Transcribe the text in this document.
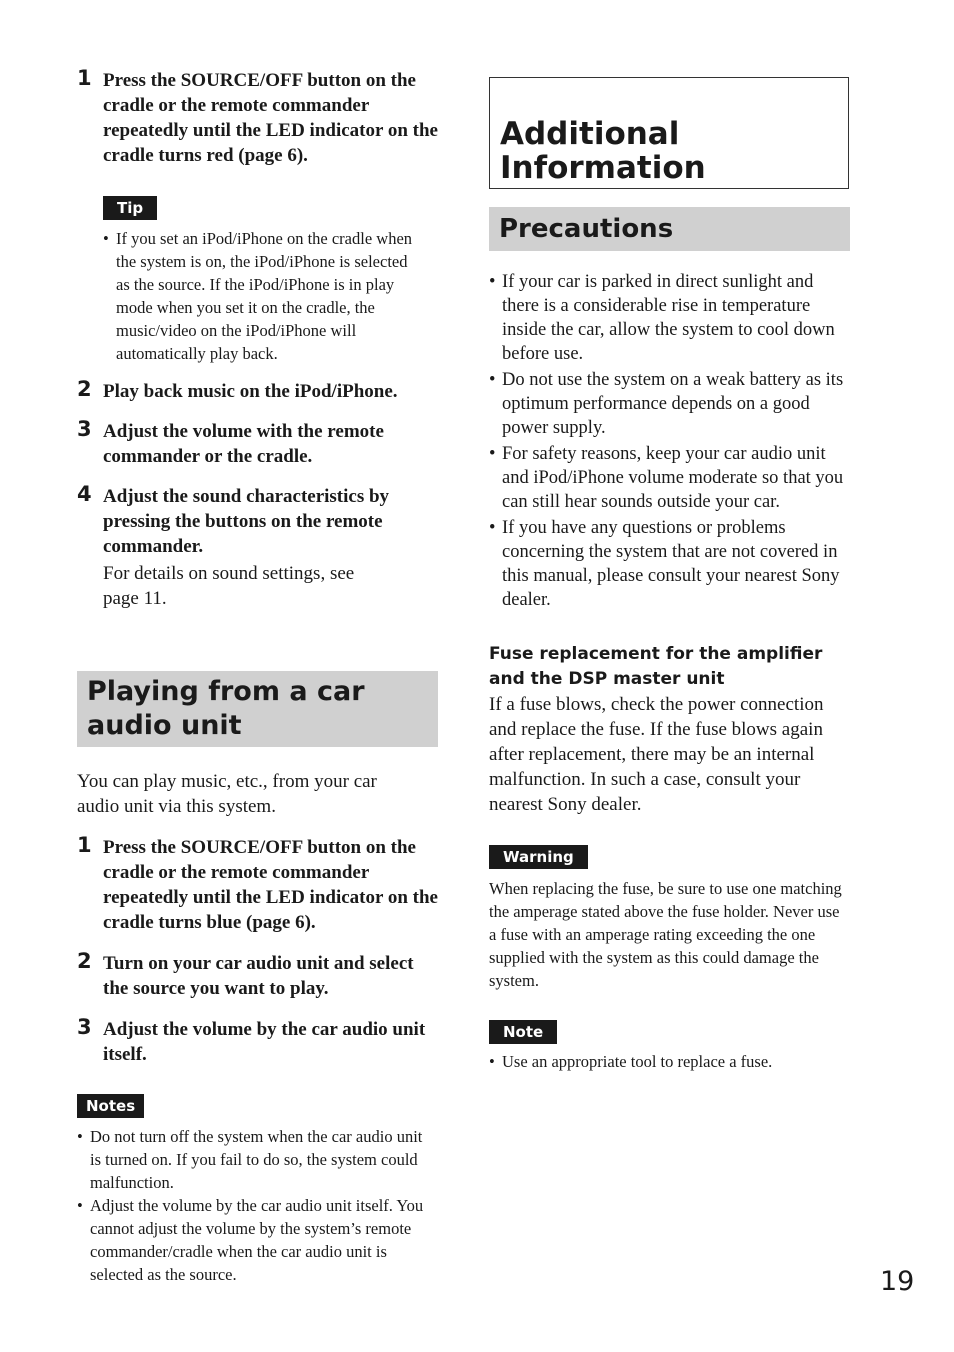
1 Press the SOURCE/OFF button on the cradle or the remote commander repeatedly until the LED indicator on the cradle turns red (page 6).
Tip
• If you set an iPod/iPhone on the cradle when the system is on, the iPod/iPhone is selected as the source. If the iPod/iPhone is in play mode when you set it on the cradle, the music/video on the iPod/iPhone will automatically play back.
2 Play back music on the iPod/iPhone.
3 Adjust the volume with the remote commander or the cradle.
4 Adjust the sound characteristics by pressing the buttons on the remote commander.
For details on sound settings, see page 11.
Playing from a car audio unit
You can play music, etc., from your car audio unit via this system.
1 Press the SOURCE/OFF button on the cradle or the remote commander repeatedly until the LED indicator on the cradle turns blue (page 6).
2 Turn on your car audio unit and select the source you want to play.
3 Adjust the volume by the car audio unit itself.
Notes
• Do not turn off the system when the car audio unit is turned on. If you fail to do so, the system could malfunction.
• Adjust the volume by the car audio unit itself. You cannot adjust the volume by the system’s remote commander/cradle when the car audio unit is selected as the source.
Additional Information
Precautions
• If your car is parked in direct sunlight and there is a considerable rise in temperature inside the car, allow the system to cool down before use.
• Do not use the system on a weak battery as its optimum performance depends on a good power supply.
• For safety reasons, keep your car audio unit and iPod/iPhone volume moderate so that you can still hear sounds outside your car.
• If you have any questions or problems concerning the system that are not covered in this manual, please consult your nearest Sony dealer.
Fuse replacement for the amplifier and the DSP master unit
If a fuse blows, check the power connection and replace the fuse. If the fuse blows again after replacement, there may be an internal malfunction. In such a case, consult your nearest Sony dealer.
Warning
When replacing the fuse, be sure to use one matching the amperage stated above the fuse holder. Never use a fuse with an amperage rating exceeding the one supplied with the system as this could damage the system.
Note
• Use an appropriate tool to replace a fuse.
19
